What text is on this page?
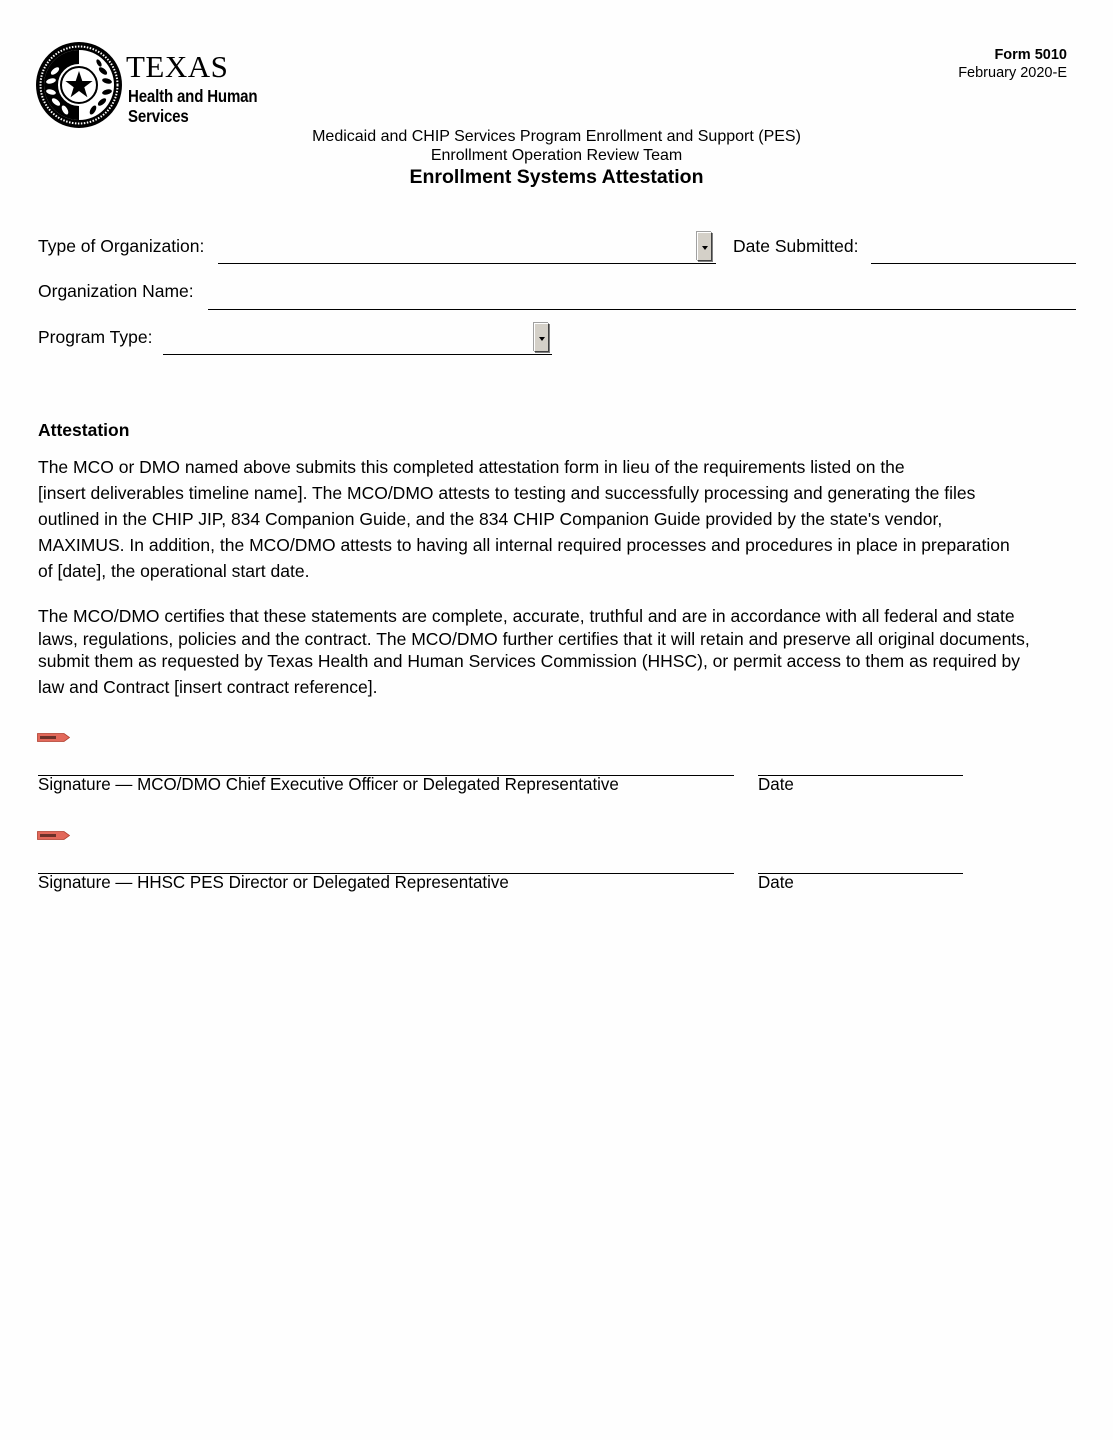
TEXAS
Health and Human
Services
Form 5010
February 2020-E
Medicaid and CHIP Services Program Enrollment and Support (PES)
Enrollment Operation Review Team
Enrollment Systems Attestation
Type of Organization:	Date Submitted:
Organization Name:
Program Type:
Attestation
The MCO or DMO named above submits this completed attestation form in lieu of the requirements listed on the
[insert deliverables timeline name]. The MCO/DMO attests to testing and successfully processing and generating the files
outlined in the CHIP JIP, 834 Companion Guide, and the 834 CHIP Companion Guide provided by the state's vendor,
MAXIMUS. In addition, the MCO/DMO attests to having all internal required processes and procedures in place in preparation
of [date], the operational start date.
The MCO/DMO certifies that these statements are complete, accurate, truthful and are in accordance with all federal and state
laws, regulations, policies and the contract. The MCO/DMO further certifies that it will retain and preserve all original documents,
submit them as requested by Texas Health and Human Services Commission (HHSC), or permit access to them as required by
law and Contract [insert contract reference].
Signature — MCO/DMO Chief Executive Officer or Delegated Representative	Date
Signature — HHSC PES Director or Delegated Representative	Date
